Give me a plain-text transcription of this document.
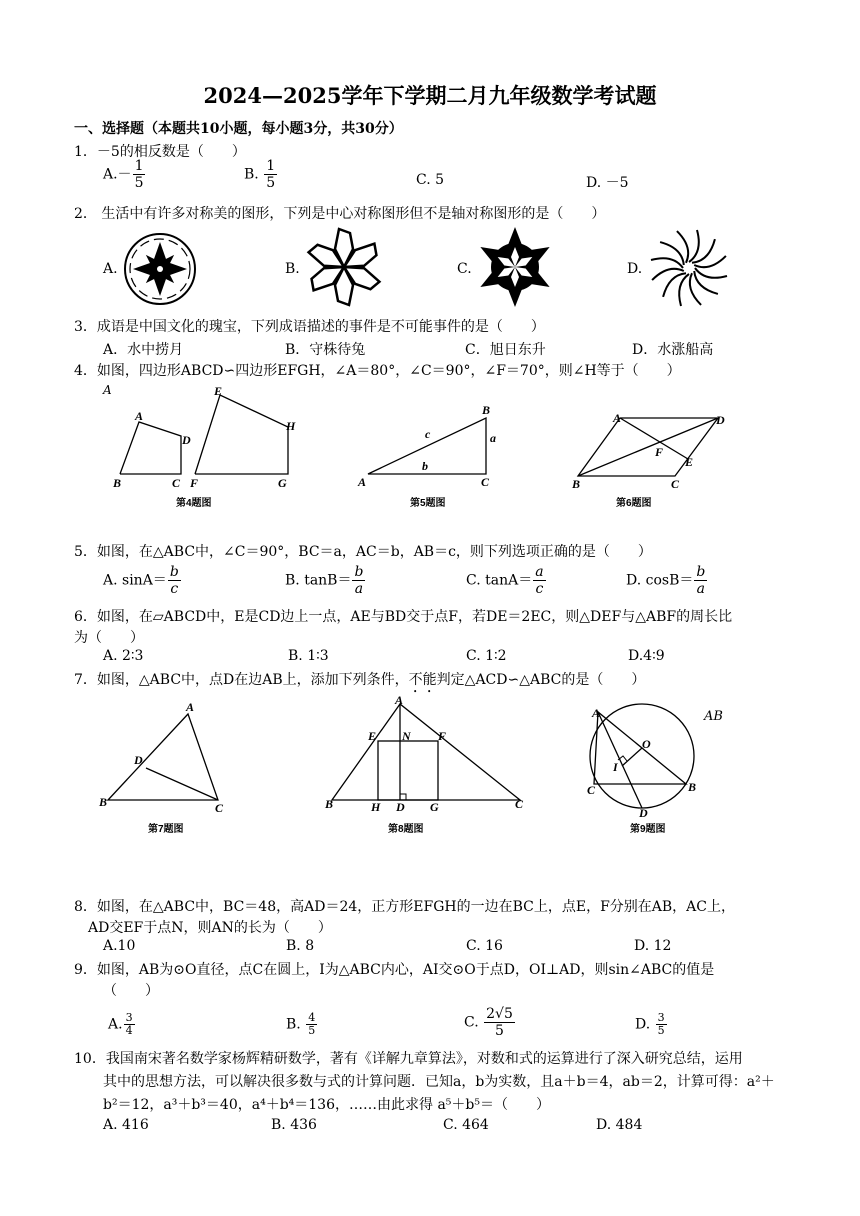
2024—2025学年下学期二月九年级数学考试题
一、选择题（本题共10小题，每小题3分，共30分）
1．－5的相反数是（　　）
$A.- \frac{1}{5}$	B. $\frac{1}{5}$	C. 5	D. －5
2． 生活中有许多对称美的图形，下列是中心对称图形但不是轴对称图形的是（　　）
A.	B.	C.	D.
3．成语是中国文化的瑰宝，下列成语描述的事件是不可能事件的是（　　）
A．水中捞月	B．守株待兔	C．旭日东升	D．水涨船高
4．如图，四边形ABCD∽四边形EFGH，∠A＝80°，∠C＝90°，∠F＝70°，则∠H等于（　　）
A
A
B	C
D
E
F	G
H
第4题图
A
B
C
a
b
c
第5题图
A	D
B	C
F
E
第6题图
5．如图，在△ABC中，∠C＝90°，BC＝a，AC＝b，AB＝c，则下列选项正确的是（　　）
A. $\sin A= \frac{b}{c}$	B. $\tan B= \frac{b}{a}$	C. $\tan A= \frac{a}{c}$	D. $\cos B= \frac{b}{a}$
6．如图，在▱ABCD中，E是CD边上一点，AE与BD交于点F，若DE＝2EC，则△DEF与△ABF的周长比
为（　　）
A. 2∶3	B. 1∶3	C. 1∶2	D.4∶9
7．如图，△ABC中，点D在边AB上，添加下列条件，不能判定△ACD∽△ABC的是（　　）
AB
A
D
B	C
第7题图
A
E N F
B	H D G	C
第8题图
A
O
I
C	B
D
第9题图
8．如图，在△ABC中，BC＝48，高AD＝24，正方形EFGH的一边在BC上，点E，F分别在AB，AC上，
AD交EF于点N，则AN的长为（　　）
A.10	B. 8	C. 16	D. 12
9．如图，AB为⊙O直径，点C在圆上，I为△ABC内心，AI交⊙O于点D，OI⊥AD，则sin∠ABC的值是
（　　）
A. $\frac{3}{4}$	B. $\frac{4}{5}$	C. $\frac{2√5}{5}$	D. $\frac{3}{5}$
10．我国南宋著名数学家杨辉精研数学，著有《详解九章算法》，对数和式的运算进行了深入研究总结，运用
其中的思想方法，可以解决很多数与式的计算问题．已知a，b为实数，且a＋b＝4，ab＝2，计算可得：a²＋
b²＝12，a³＋b³＝40，a⁴＋b⁴＝136，……由此求得 a⁵＋b⁵＝（　　）
A. 416	B. 436	C. 464	D. 484
